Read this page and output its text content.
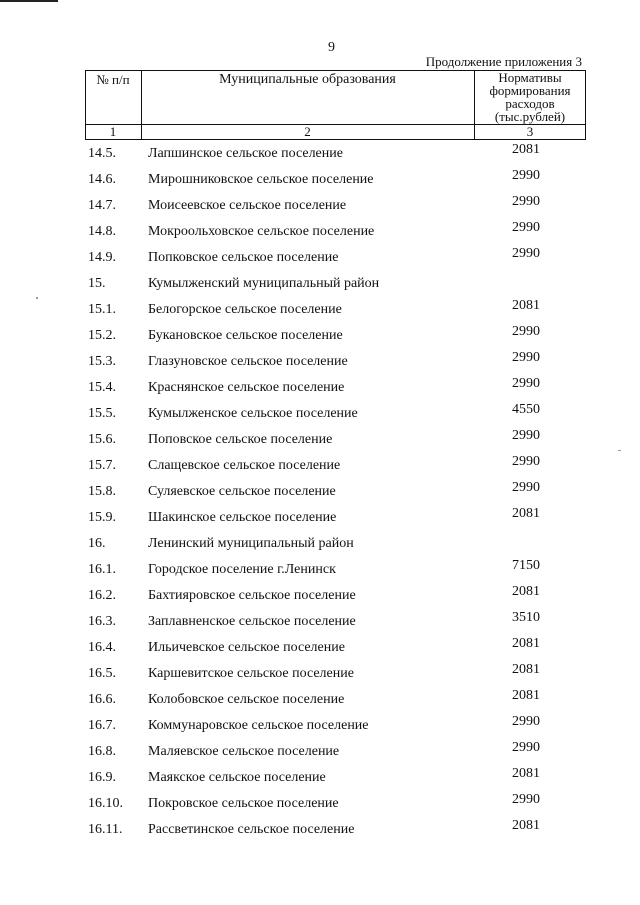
9
Продолжение приложения 3
№ п/п	Муниципальные образования	Нормативы формирования расходов (тыс.рублей)
1	2	3
14.5. Лапшинское сельское поселение	2081
14.6. Мирошниковское сельское поселение	2990
14.7. Моисеевское сельское поселение	2990
14.8. Мокроольховское сельское поселение	2990
14.9. Попковское сельское поселение	2990
15.	Кумылженский муниципальный район
15.1. Белогорское сельское поселение	2081
15.2. Букановское сельское поселение	2990
15.3. Глазуновское сельское поселение	2990
15.4. Краснянское сельское поселение	2990
15.5. Кумылженское сельское поселение	4550
15.6. Поповское сельское поселение	2990
15.7. Слащевское сельское поселение	2990
15.8. Суляевское сельское поселение	2990
15.9. Шакинское сельское поселение	2081
16.	Ленинский муниципальный район
16.1. Городское поселение г.Ленинск	7150
16.2. Бахтияровское сельское поселение	2081
16.3. Заплавненское сельское поселение	3510
16.4. Ильичевское сельское поселение	2081
16.5. Каршевитское сельское поселение	2081
16.6. Колобовское сельское поселение	2081
16.7. Коммунаровское сельское поселение	2990
16.8. Маляевское сельское поселение	2990
16.9. Маякское сельское поселение	2081
16.10. Покровское сельское поселение	2990
16.11. Рассветинское сельское поселение	2081
